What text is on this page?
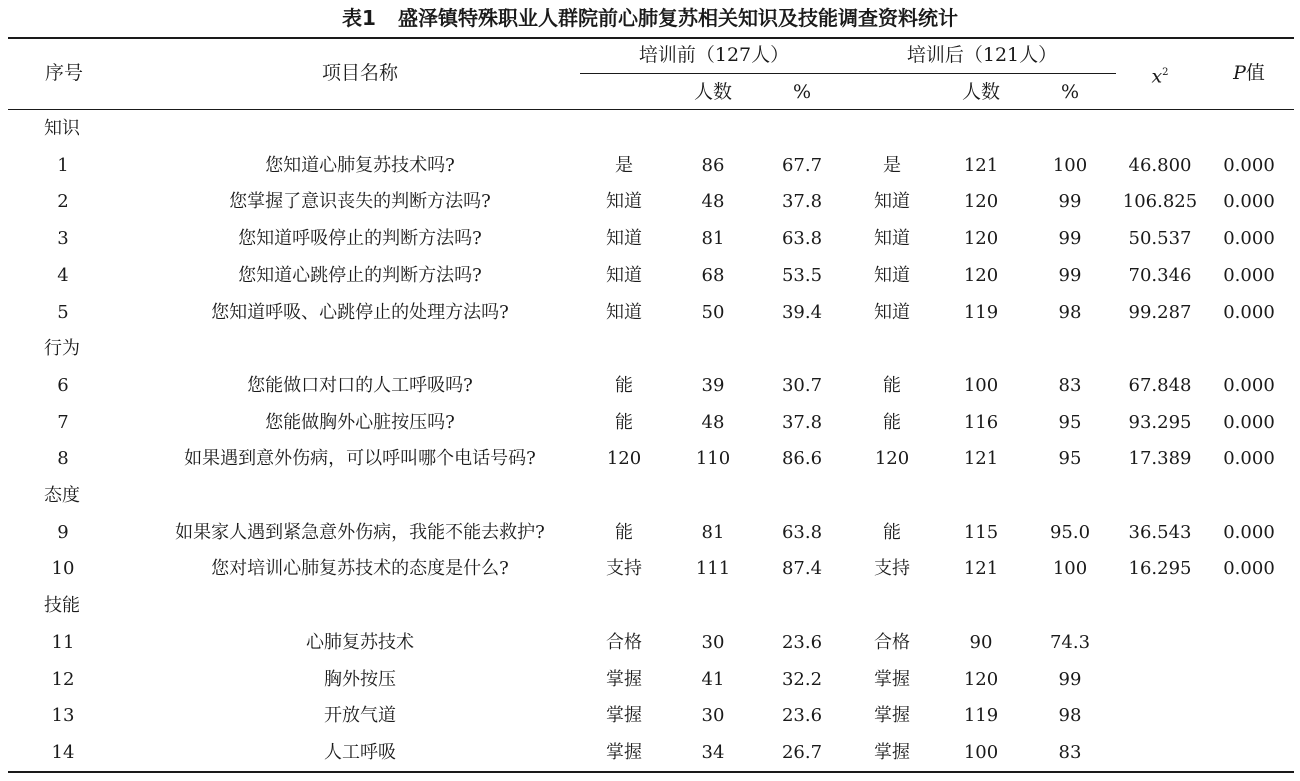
表1 盛泽镇特殊职业人群院前心肺复苏相关知识及技能调查资料统计
序号	项目名称
培训前（127人）	培训后（121人）
人数	%	人数	%
$x^2$	P值
知识
1	您知道心肺复苏技术吗?	是	86	67.7	是	121	100	46.800	0.000
2	您掌握了意识丧失的判断方法吗?	知道	48	37.8	知道	120	99	106.825	0.000
3	您知道呼吸停止的判断方法吗?	知道	81	63.8	知道	120	99	50.537	0.000
4	您知道心跳停止的判断方法吗?	知道	68	53.5	知道	120	99	70.346	0.000
5	您知道呼吸、心跳停止的处理方法吗?	知道	50	39.4	知道	119	98	99.287	0.000
行为
6	您能做口对口的人工呼吸吗?	能	39	30.7	能	100	83	67.848	0.000
7	您能做胸外心脏按压吗?	能	48	37.8	能	116	95	93.295	0.000
8	如果遇到意外伤病，可以呼叫哪个电话号码?	120	110	86.6	120	121	95	17.389	0.000
态度
9	如果家人遇到紧急意外伤病，我能不能去救护?	能	81	63.8	能	115	95.0	36.543	0.000
10	您对培训心肺复苏技术的态度是什么?	支持	111	87.4	支持	121	100	16.295	0.000
技能
11	心肺复苏技术	合格	30	23.6	合格	90	74.3
12	胸外按压	掌握	41	32.2	掌握	120	99
13	开放气道	掌握	30	23.6	掌握	119	98
14	人工呼吸	掌握	34	26.7	掌握	100	83
